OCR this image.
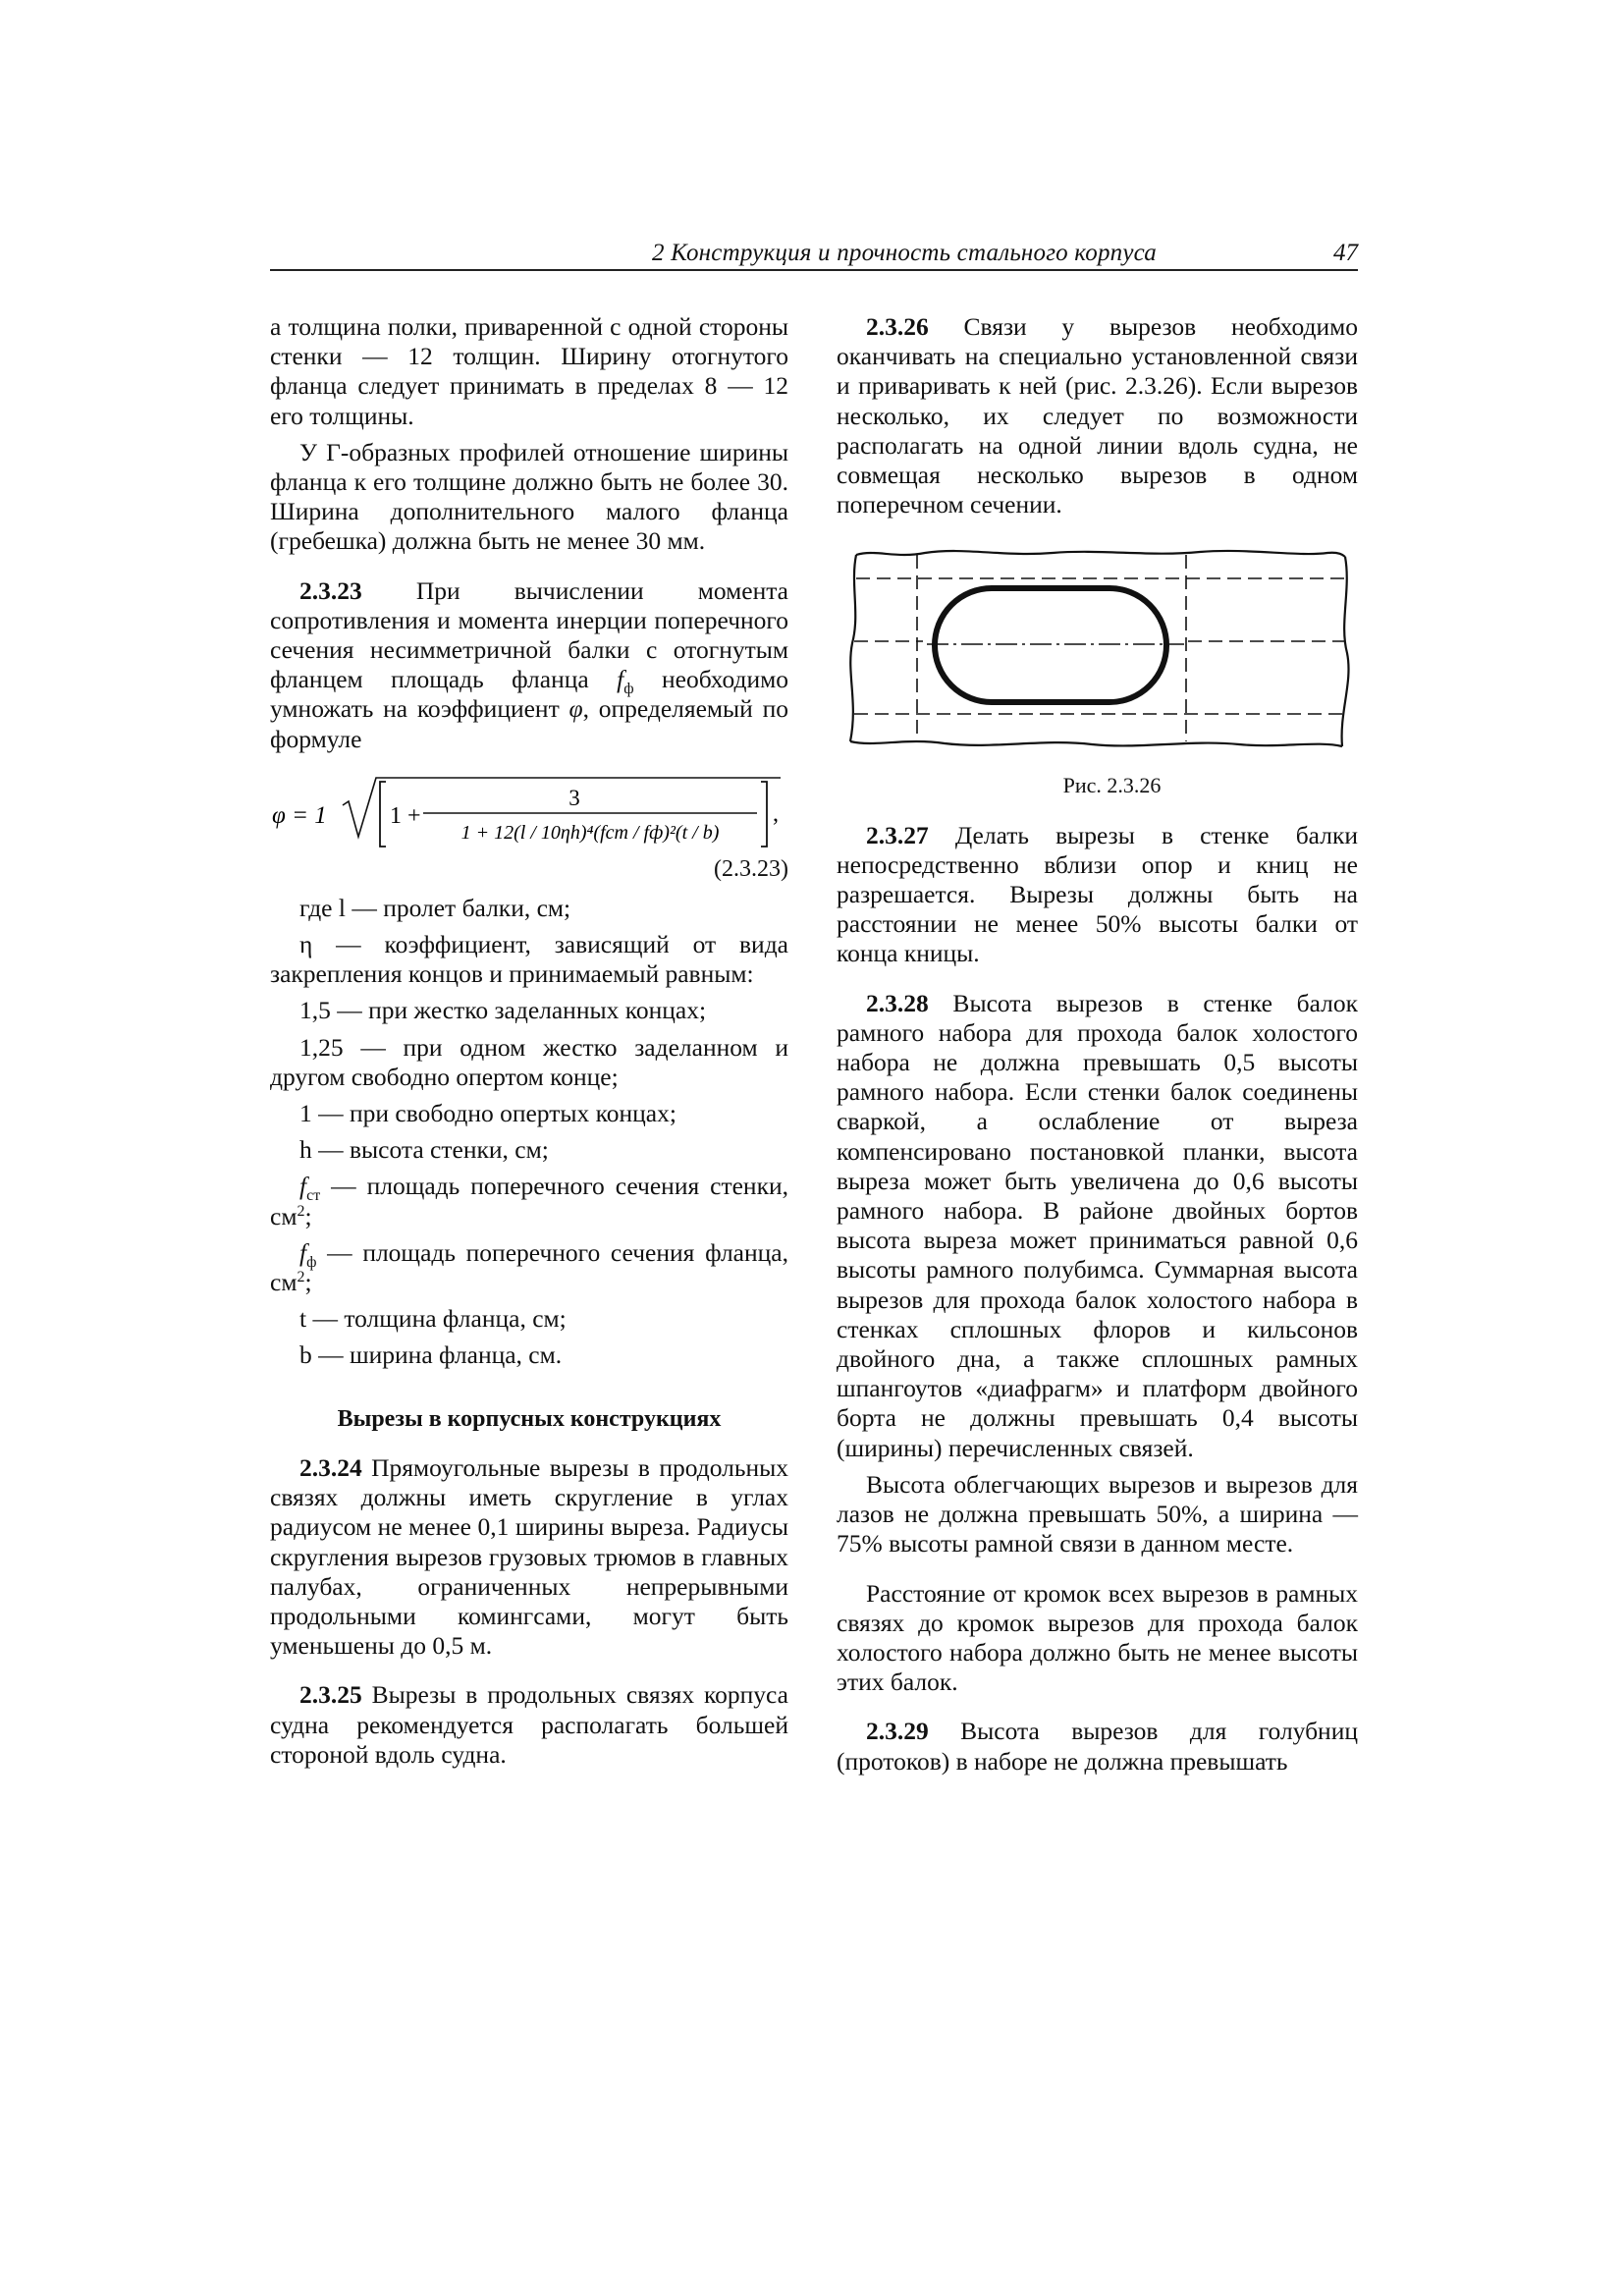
2 Конструкция и прочность стального корпуса	47

а толщина полки, приваренной с одной стороны стенки — 12 толщин. Ширину отогнутого фланца следует принимать в пределах 8 — 12 его толщины.

У Г-образных профилей отношение ширины фланца к его толщине должно быть не более 30. Ширина дополнительного малого фланца (гребешка) должна быть не менее 30 мм.

2.3.23 При вычислении момента сопротивления и момента инерции поперечного сечения несимметричной балки с отогнутым фланцем площадь фланца $f_ф$ необходимо умножать на коэффициент φ, определяемый по формуле

φ = 1	1 +
3
1 + 12(l / 10ηh)⁴(fст / fф)²(t / b)
,
(2.3.23)

где l — пролет балки, см;

η — коэффициент, зависящий от вида закрепления концов и принимаемый равным:

1,5 — при жестко заделанных концах;

1,25 — при одном жестко заделанном и другом свободно опертом конце;

1 — при свободно опертых концах;

h — высота стенки, см;

$f_{ст}$ — площадь поперечного сечения стенки, $см^2$;

$f_ф$ — площадь поперечного сечения фланца, $см^2$;

t — толщина фланца, см;

b — ширина фланца, см.

Вырезы в корпусных конструкциях

2.3.24 Прямоугольные вырезы в продольных связях должны иметь скругление в углах радиусом не менее 0,1 ширины выреза. Радиусы скругления вырезов грузовых трюмов в главных палубах, ограниченных непрерывными продольными комингсами, могут быть уменьшены до 0,5 м.

2.3.25 Вырезы в продольных связях корпуса судна рекомендуется располагать большей стороной вдоль судна.

2.3.26 Связи у вырезов необходимо оканчивать на специально установленной связи и приваривать к ней (рис. 2.3.26). Если вырезов несколько, их следует по возможности располагать на одной линии вдоль судна, не совмещая несколько вырезов в одном поперечном сечении.

Рис. 2.3.26

2.3.27 Делать вырезы в стенке балки непосредственно вблизи опор и книц не разрешается. Вырезы должны быть на расстоянии не менее 50% высоты балки от конца кницы.

2.3.28 Высота вырезов в стенке балок рамного набора для прохода балок холостого набора не должна превышать 0,5 высоты рамного набора. Если стенки балок соединены сваркой, а ослабление от выреза компенсировано постановкой планки, высота выреза может быть увеличена до 0,6 высоты рамного набора. В районе двойных бортов высота выреза может приниматься равной 0,6 высоты рамного полубимса. Суммарная высота вырезов для прохода балок холостого набора в стенках сплошных флоров и кильсонов двойного дна, а также сплошных рамных шпангоутов «диафрагм» и платформ двойного борта не должны превышать 0,4 высоты (ширины) перечисленных связей.

Высота облегчающих вырезов и вырезов для лазов не должна превышать 50%, а ширина — 75% высоты рамной связи в данном месте.

Расстояние от кромок всех вырезов в рамных связях до кромок вырезов для прохода балок холостого набора должно быть не менее высоты этих балок.

2.3.29 Высота вырезов для голубниц (протоков) в наборе не должна превышать
